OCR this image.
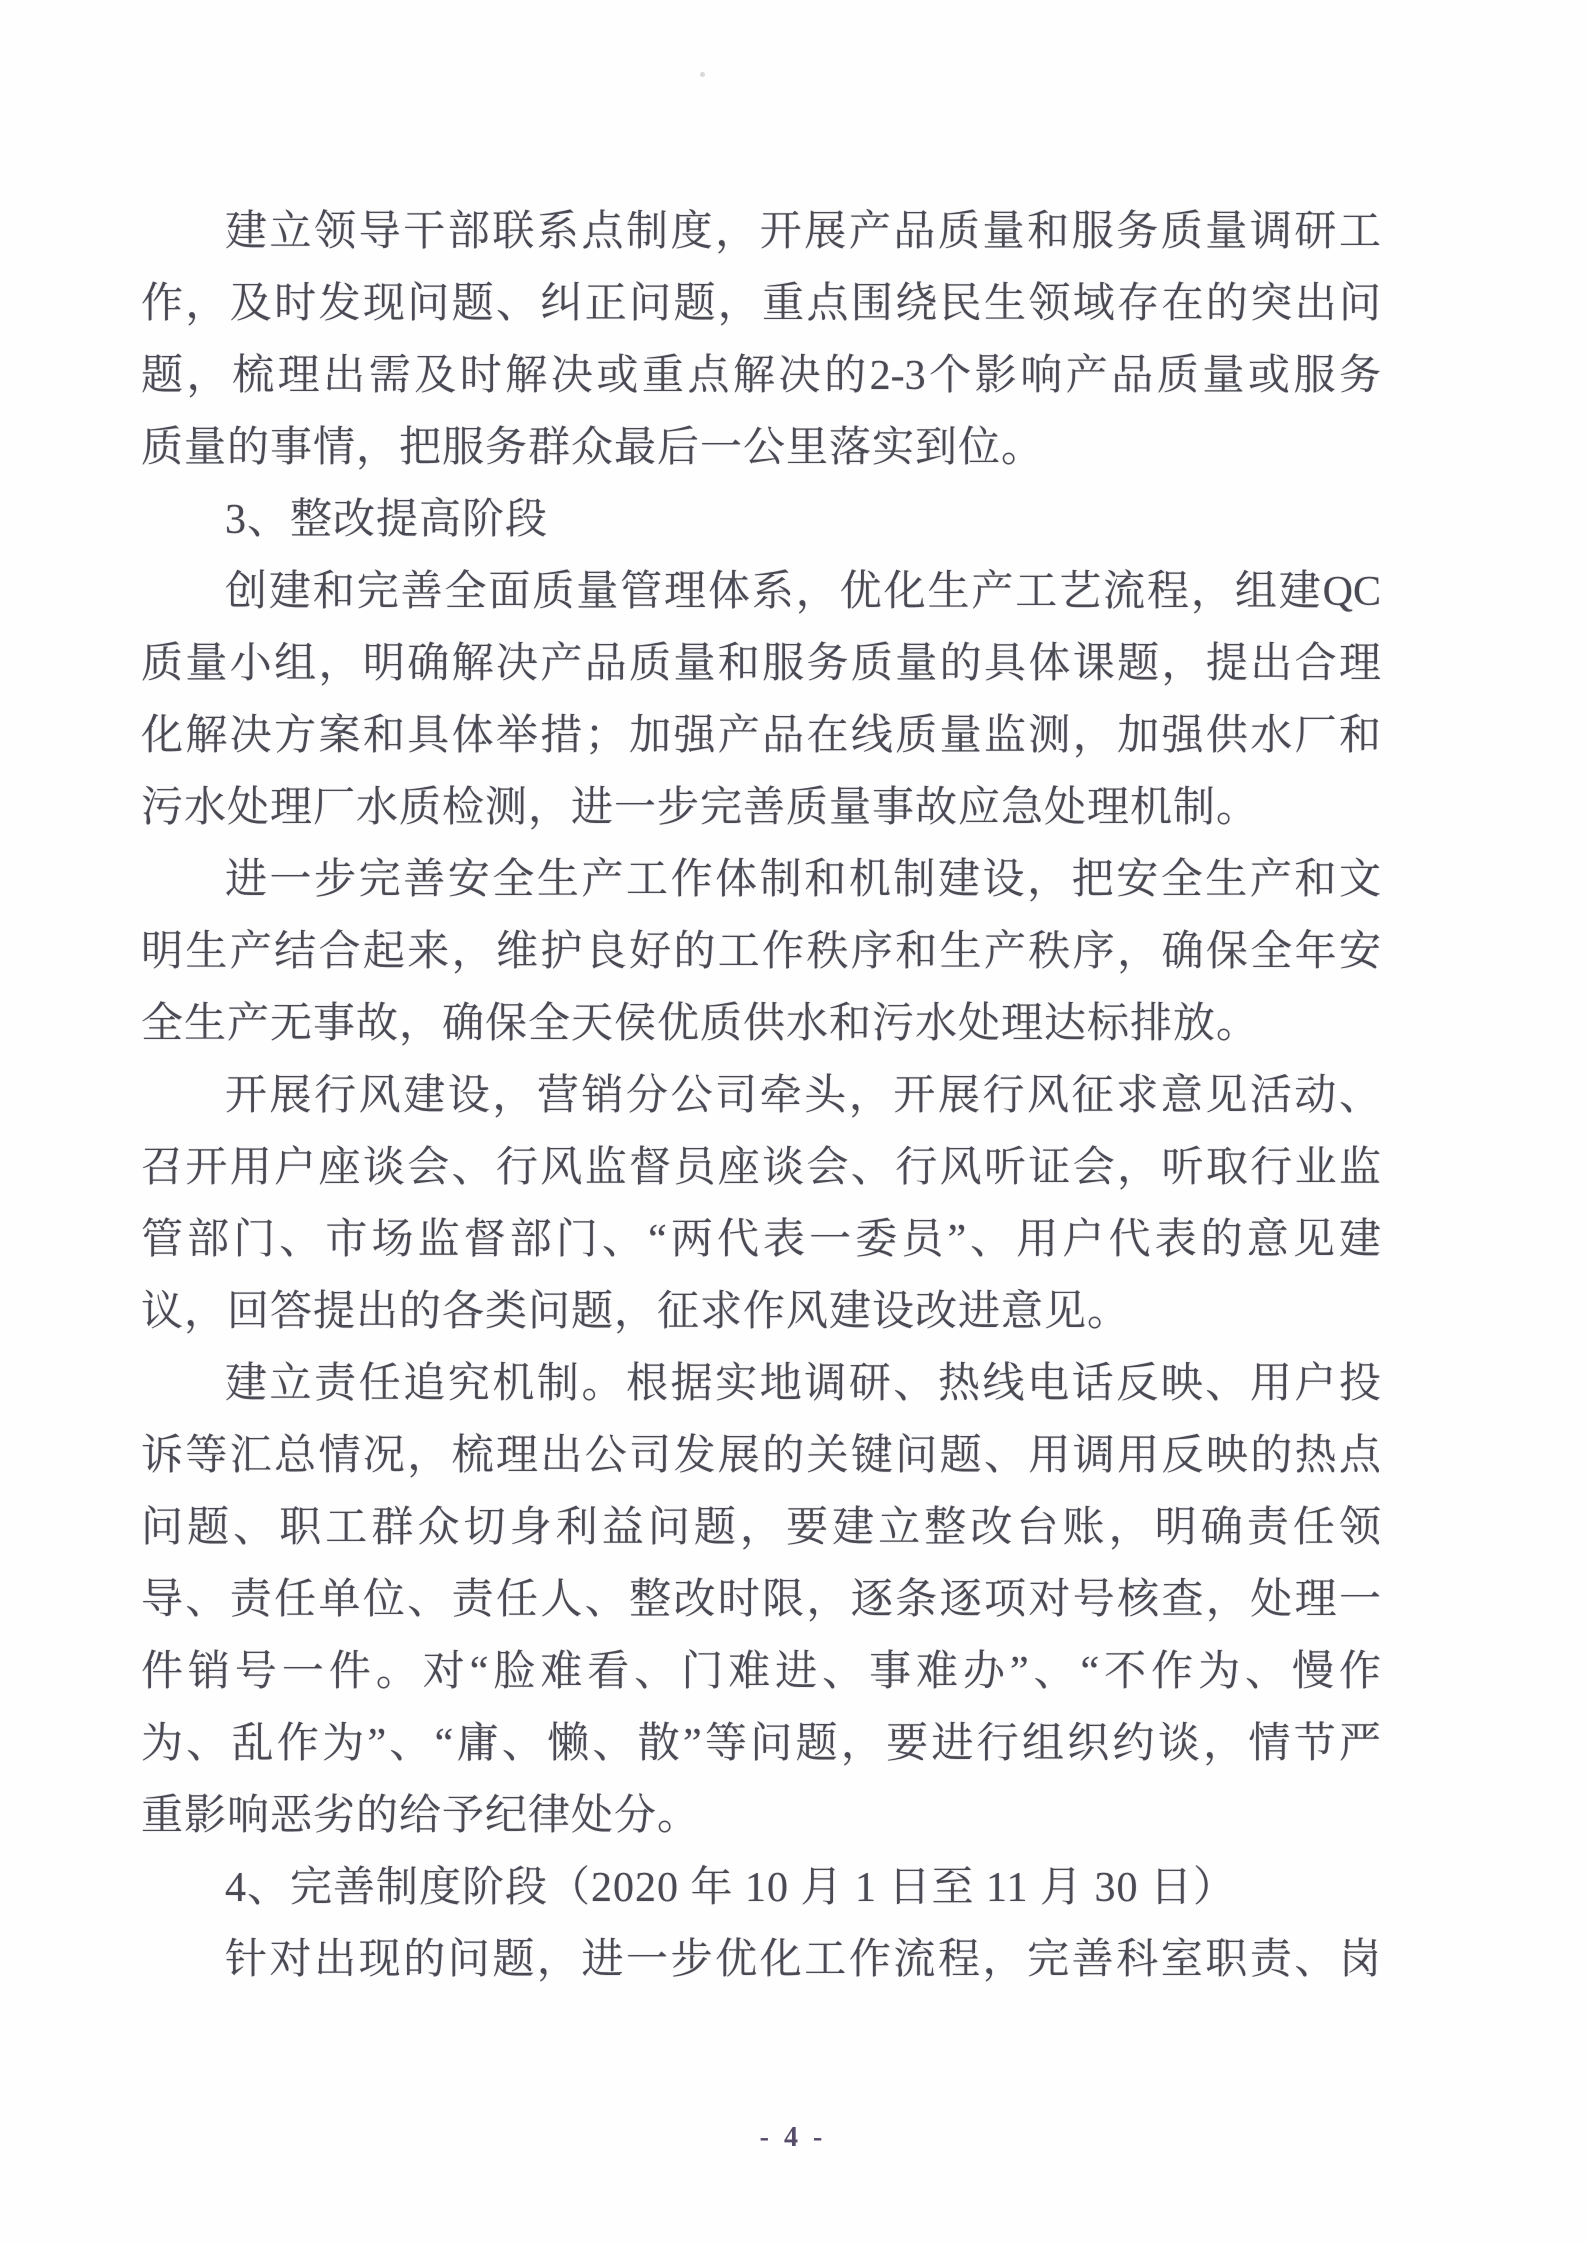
建立领导干部联系点制度，开展产品质量和服务质量调研工
作，及时发现问题、纠正问题，重点围绕民生领域存在的突出问
题，梳理出需及时解决或重点解决的2-3个影响产品质量或服务
质量的事情，把服务群众最后一公里落实到位。
3、整改提高阶段
创建和完善全面质量管理体系，优化生产工艺流程，组建QC
质量小组，明确解决产品质量和服务质量的具体课题，提出合理
化解决方案和具体举措；加强产品在线质量监测，加强供水厂和
污水处理厂水质检测，进一步完善质量事故应急处理机制。
进一步完善安全生产工作体制和机制建设，把安全生产和文
明生产结合起来，维护良好的工作秩序和生产秩序，确保全年安
全生产无事故，确保全天侯优质供水和污水处理达标排放。
开展行风建设，营销分公司牵头，开展行风征求意见活动、
召开用户座谈会、行风监督员座谈会、行风听证会，听取行业监
管部门、市场监督部门、“两代表一委员”、用户代表的意见建
议，回答提出的各类问题，征求作风建设改进意见。
建立责任追究机制。根据实地调研、热线电话反映、用户投
诉等汇总情况，梳理出公司发展的关键问题、用调用反映的热点
问题、职工群众切身利益问题，要建立整改台账，明确责任领
导、责任单位、责任人、整改时限，逐条逐项对号核查，处理一
件销号一件。对“脸难看、门难进、事难办”、“不作为、慢作
为、乱作为”、“庸、懒、散”等问题，要进行组织约谈，情节严
重影响恶劣的给予纪律处分。
4、完善制度阶段（2020 年 10 月 1 日至 11 月 30 日）
针对出现的问题，进一步优化工作流程，完善科室职责、岗
- 4 -
